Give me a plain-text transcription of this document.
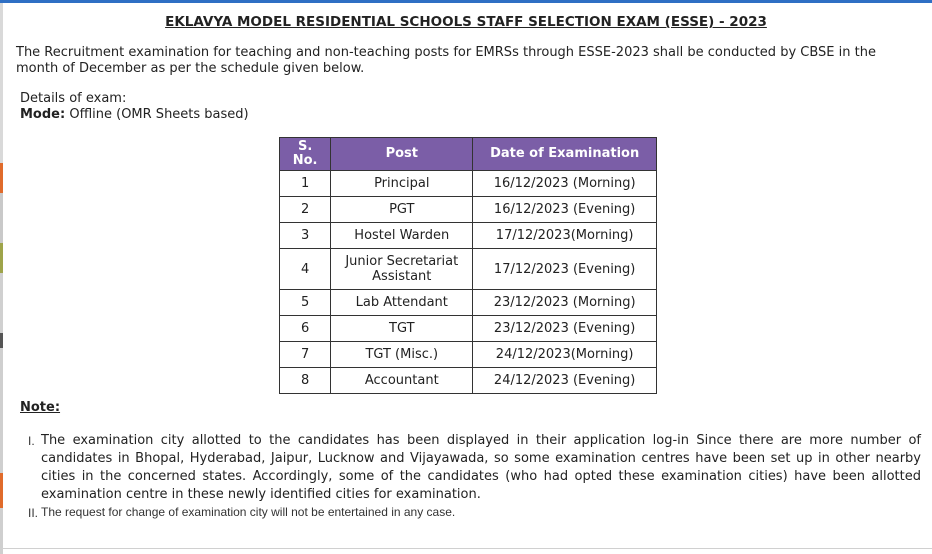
EKLAVYA MODEL RESIDENTIAL SCHOOLS STAFF SELECTION EXAM (ESSE) - 2023
The Recruitment examination for teaching and non-teaching posts for EMRSs through ESSE-2023 shall be conducted by CBSE in the month of December as per the schedule given below.
Details of exam:
Mode: Offline (OMR Sheets based)
S.
No.	Post	Date of Examination
1	Principal	16/12/2023 (Morning)
2	PGT	16/12/2023 (Evening)
3	Hostel Warden	17/12/2023(Morning)
4	Junior Secretariat
Assistant	17/12/2023 (Evening)
5	Lab Attendant	23/12/2023 (Morning)
6	TGT	23/12/2023 (Evening)
7	TGT (Misc.)	24/12/2023(Morning)
8	Accountant	24/12/2023 (Evening)
Note:
I. The examination city allotted to the candidates has been displayed in their application log-in Since there are more number of candidates in Bhopal, Hyderabad, Jaipur, Lucknow and Vijayawada, so some examination centres have been set up in other nearby cities in the concerned states. Accordingly, some of the candidates (who had opted these examination cities) have been allotted examination centre in these newly identified cities for examination.
II. The request for change of examination city will not be entertained in any case.
